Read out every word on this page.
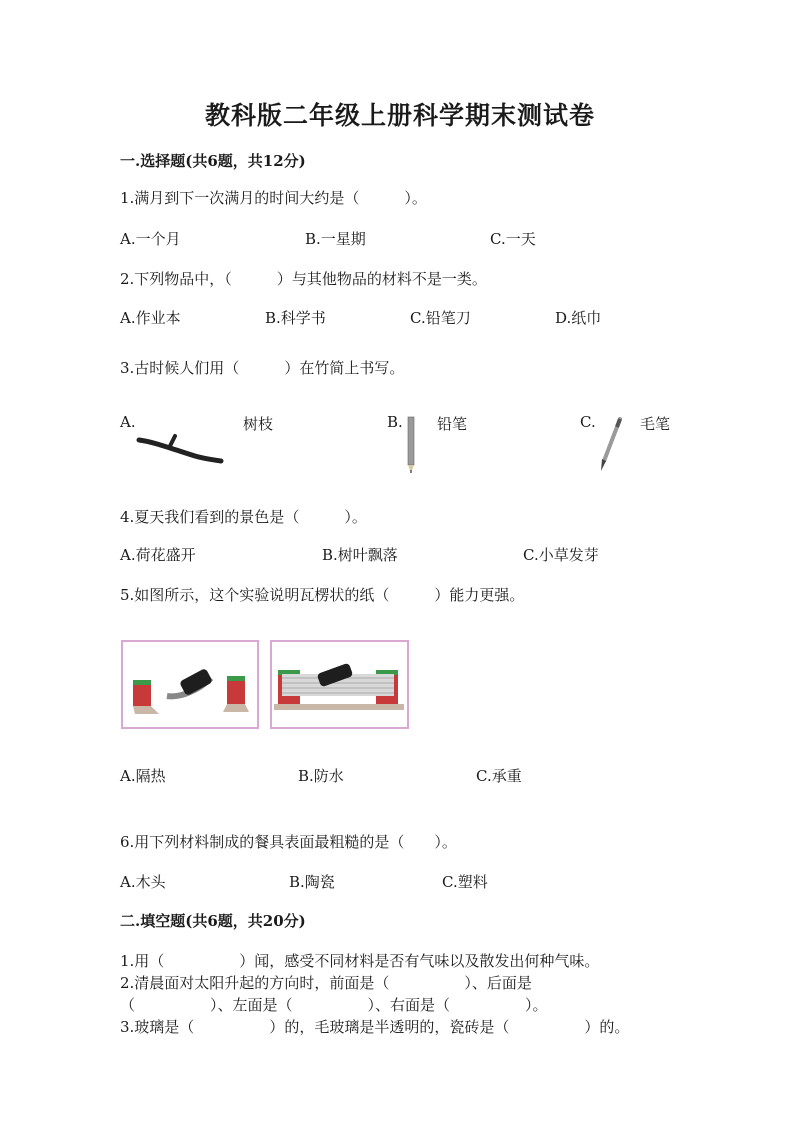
教科版二年级上册科学期末测试卷
一.选择题(共6题，共12分)
1.满月到下一次满月的时间大约是（　　　）。
A.一个月	B.一星期	C.一天
2.下列物品中，（　　　）与其他物品的材料不是一类。
A.作业本	B.科学书	C.铅笔刀	D.纸巾
3.古时候人们用（　　　）在竹简上书写。
A.	树枝	B. 铅笔	C.	毛笔
4.夏天我们看到的景色是（　　　）。
A.荷花盛开	B.树叶飘落	C.小草发芽
5.如图所示，这个实验说明瓦楞状的纸（　　　）能力更强。
A.隔热	B.防水	C.承重
6.用下列材料制成的餐具表面最粗糙的是（　　）。
A.木头	B.陶瓷	C.塑料
二.填空题(共6题，共20分)
1.用（　　　　　）闻，感受不同材料是否有气味以及散发出何种气味。
2.清晨面对太阳升起的方向时，前面是（　　　　　）、后面是
（　　　　　）、左面是（　　　　　）、右面是（　　　　　）。
3.玻璃是（　　　　　）的，毛玻璃是半透明的，瓷砖是（　　　　　）的。
